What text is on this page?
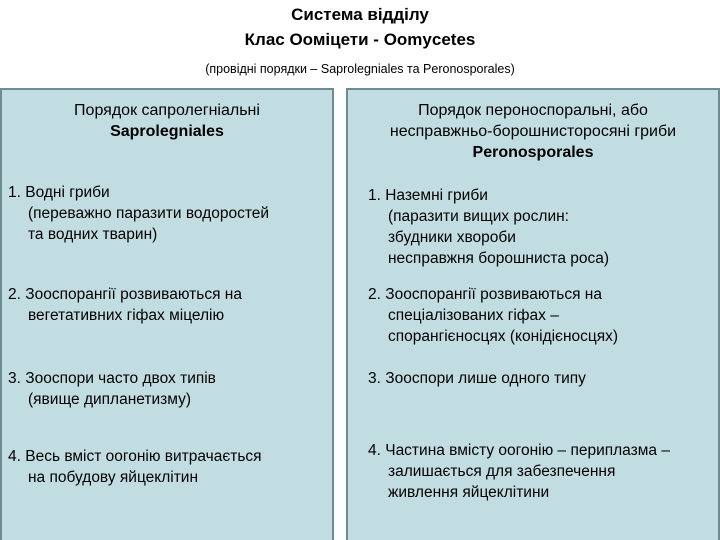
Система відділу
Клас Ооміцети - Oomycetes
(провідні порядки – Saprolegniales та Peronosporales)
Порядок сапролегніальні
Saprolegniales
1. Водні гриби
(переважно паразити водоростей
та водних тварин)
2. Зооспорангії розвиваються на
вегетативних гіфах міцелію
3. Зооспори часто двох типів
(явище дипланетизму)
4. Весь вміст оогонію витрачається
на побудову яйцеклітин
Порядок пероноспоральні, або
несправжньо-борошнисторосяні гриби
Peronosporales
1. Наземні гриби
(паразити вищих рослин:
збудники хвороби
несправжня борошниста роса)
2. Зооспорангії розвиваються на
спеціалізованих гіфах –
спорангієносцях (конідієносцях)
3. Зооспори лише одного типу
4. Частина вмісту оогонію – периплазма –
залишається для забезпечення
живлення яйцеклітини
